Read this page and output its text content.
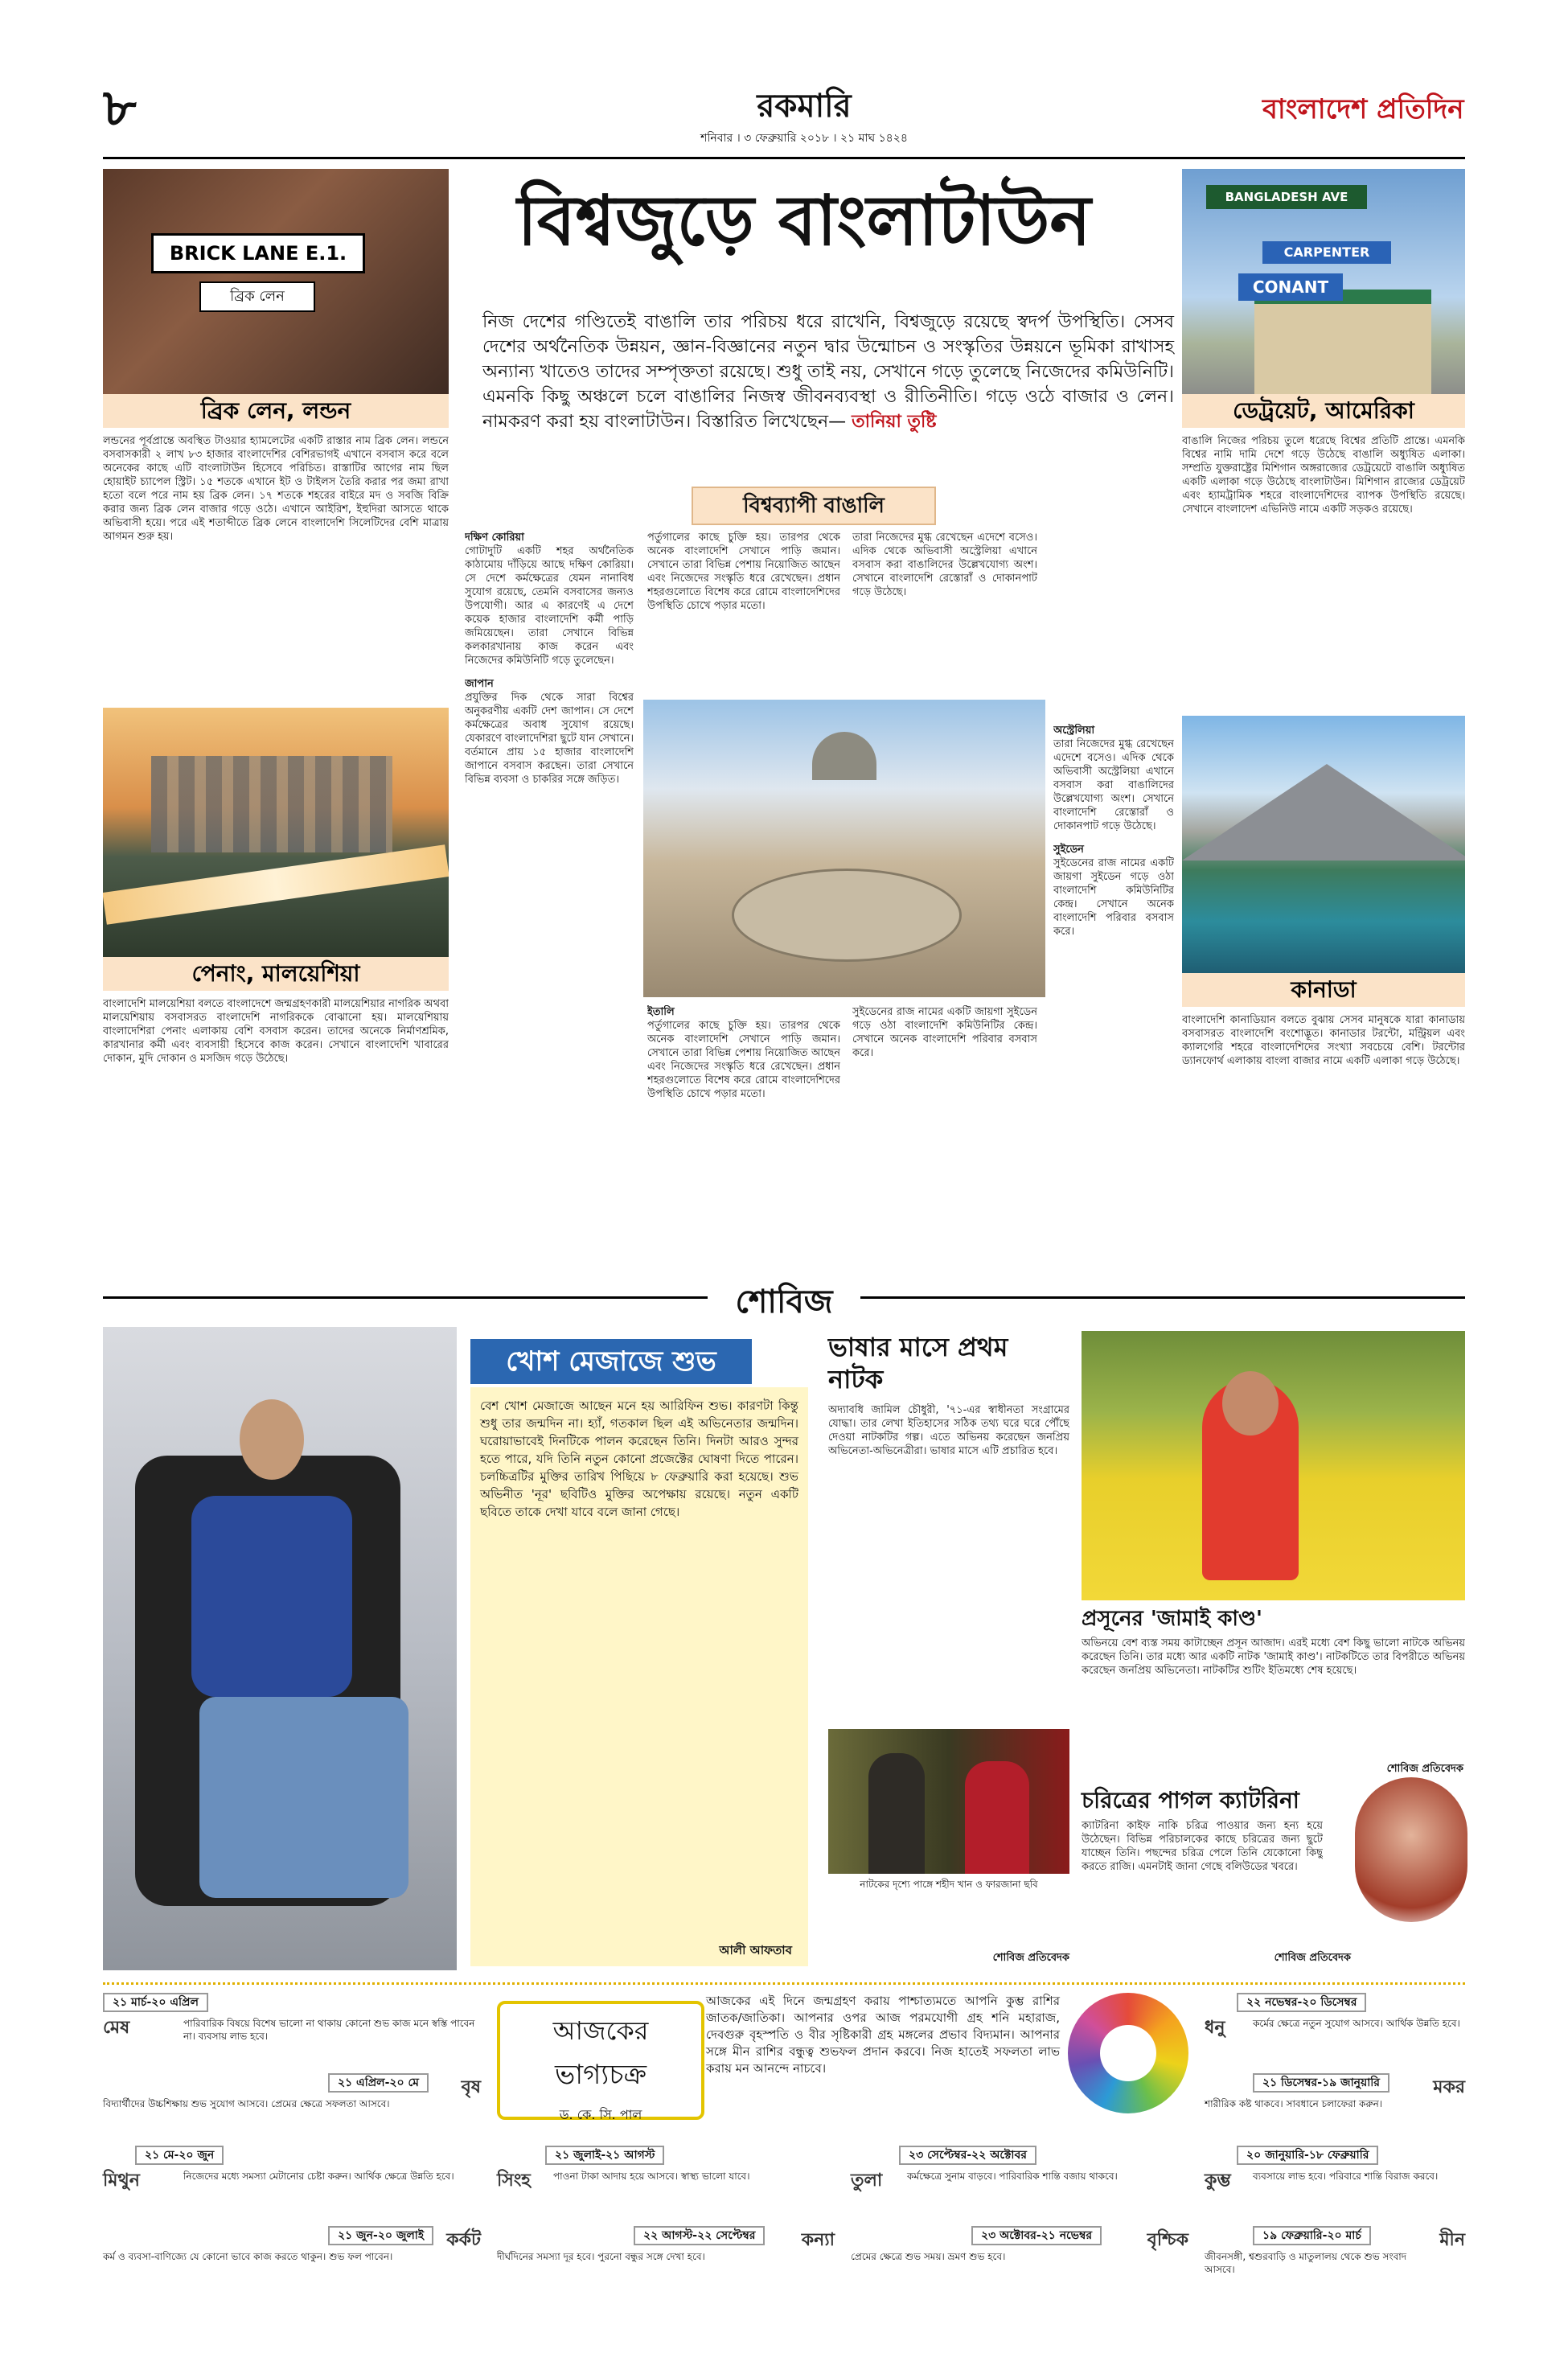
৮	রকমারি
শনিবার । ৩ ফেব্রুয়ারি ২০১৮ । ২১ মাঘ ১৪২৪
বাংলাদেশ প্রতিদিন
বিশ্বজুড়ে বাংলাটাউন
BRICK LANE E.1.
ব্রিক লেন
ব্রিক লেন, লন্ডন
BANGLADESH AVE
CARPENTER
CONANT
ডেট্রয়েট, আমেরিকা
নিজ দেশের গণ্ডিতেই বাঙালি তার পরিচয় ধরে রাখেনি, বিশ্বজুড়ে রয়েছে স্বদর্প উপস্থিতি। সেসব দেশের অর্থনৈতিক উন্নয়ন, জ্ঞান-বিজ্ঞানের নতুন দ্বার উন্মোচন ও সংস্কৃতির উন্নয়নে ভূমিকা রাখাসহ অন্যান্য খাতেও তাদের সম্পৃক্ততা রয়েছে। শুধু তাই নয়, সেখানে গড়ে তুলেছে নিজেদের কমিউনিটি। এমনকি কিছু অঞ্চলে চলে বাঙালির নিজস্ব জীবনব্যবস্থা ও রীতিনীতি। গড়ে ওঠে বাজার ও লেন। নামকরণ করা হয় বাংলাটাউন। বিস্তারিত লিখেছেন— তানিয়া তুষ্টি
বিশ্বব্যাপী বাঙালি
লন্ডনের পূর্বপ্রান্তে অবস্থিত টাওয়ার হ্যামলেটের একটি রাস্তার নাম ব্রিক লেন। লন্ডনে বসবাসকারী ২ লাখ ৮৩ হাজার বাংলাদেশির বেশিরভাগই এখানে বসবাস করে বলে অনেকের কাছে এটি বাংলাটাউন হিসেবে পরিচিত। রাস্তাটির আগের নাম ছিল হোয়াইট চ্যাপেল স্ট্রিট। ১৫ শতকে এখানে ইট ও টাইলস তৈরি করার পর জমা রাখা হতো বলে পরে নাম হয় ব্রিক লেন। ১৭ শতকে শহরের বাইরে মদ ও সবজি বিক্রি করার জন্য ব্রিক লেন বাজার গড়ে ওঠে। এখানে আইরিশ, ইহুদিরা আসতে থাকে অভিবাসী হয়ে। পরে এই শতাব্দীতে ব্রিক লেনে বাংলাদেশি সিলেটিদের বেশি মাত্রায় আগমন শুরু হয়।
পেনাং, মালয়েশিয়া
বাংলাদেশি মালয়েশিয়া বলতে বাংলাদেশে জন্মগ্রহণকারী মালয়েশিয়ার নাগরিক অথবা মালয়েশিয়ায় বসবাসরত বাংলাদেশি নাগরিককে বোঝানো হয়। মালয়েশিয়ায় বাংলাদেশিরা পেনাং এলাকায় বেশি বসবাস করেন। তাদের অনেকে নির্মাণশ্রমিক, কারখানার কর্মী এবং ব্যবসায়ী হিসেবে কাজ করেন। সেখানে বাংলাদেশি খাবারের দোকান, মুদি দোকান ও মসজিদ গড়ে উঠেছে।
দক্ষিণ কোরিয়া
গোটাদুটি একটি শহর অর্থনৈতিক কাঠামোয় দাঁড়িয়ে আছে দক্ষিণ কোরিয়া। সে দেশে কর্মক্ষেত্রের যেমন নানাবিধ সুযোগ রয়েছে, তেমনি বসবাসের জন্যও উপযোগী। আর এ কারণেই এ দেশে কয়েক হাজার বাংলাদেশি কর্মী পাড়ি জমিয়েছেন। তারা সেখানে বিভিন্ন কলকারখানায় কাজ করেন এবং নিজেদের কমিউনিটি গড়ে তুলেছেন।
জাপান
প্রযুক্তির দিক থেকে সারা বিশ্বের অনুকরণীয় একটি দেশ জাপান। সে দেশে কর্মক্ষেত্রের অবাধ সুযোগ রয়েছে। যেকারণে বাংলাদেশিরা ছুটে যান সেখানে। বর্তমানে প্রায় ১৫ হাজার বাংলাদেশি জাপানে বসবাস করছেন। তারা সেখানে বিভিন্ন ব্যবসা ও চাকরির সঙ্গে জড়িত।
পর্তুগালের কাছে চুক্তি হয়। তারপর থেকে অনেক বাংলাদেশি সেখানে পাড়ি জমান। সেখানে তারা বিভিন্ন পেশায় নিয়োজিত আছেন এবং নিজেদের সংস্কৃতি ধরে রেখেছেন। প্রধান শহরগুলোতে বিশেষ করে রোমে বাংলাদেশিদের উপস্থিতি চোখে পড়ার মতো।
ইতালি
পর্তুগালের কাছে চুক্তি হয়। তারপর থেকে অনেক বাংলাদেশি সেখানে পাড়ি জমান। সেখানে তারা বিভিন্ন পেশায় নিয়োজিত আছেন এবং নিজেদের সংস্কৃতি ধরে রেখেছেন। প্রধান শহরগুলোতে বিশেষ করে রোমে বাংলাদেশিদের উপস্থিতি চোখে পড়ার মতো।
তারা নিজেদের মুগ্ধ রেখেছেন এদেশে বসেও। এদিক থেকে অভিবাসী অস্ট্রেলিয়া এখানে বসবাস করা বাঙালিদের উল্লেখযোগ্য অংশ। সেখানে বাংলাদেশি রেস্তোরাঁ ও দোকানপাট গড়ে উঠেছে।
অস্ট্রেলিয়া
তারা নিজেদের মুগ্ধ রেখেছেন এদেশে বসেও। এদিক থেকে অভিবাসী অস্ট্রেলিয়া এখানে বসবাস করা বাঙালিদের উল্লেখযোগ্য অংশ। সেখানে বাংলাদেশি রেস্তোরাঁ ও দোকানপাট গড়ে উঠেছে।
সুইডেন
সুইডেনের রাজ নামের একটি জায়গা সুইডেন গড়ে ওঠা বাংলাদেশি কমিউনিটির কেন্দ্র। সেখানে অনেক বাংলাদেশি পরিবার বসবাস করে।
সুইডেনের রাজ নামের একটি জায়গা সুইডেন গড়ে ওঠা বাংলাদেশি কমিউনিটির কেন্দ্র। সেখানে অনেক বাংলাদেশি পরিবার বসবাস করে।
বাঙালি নিজের পরিচয় তুলে ধরেছে বিশ্বের প্রতিটি প্রান্তে। এমনকি বিশ্বের নামি দামি দেশে গড়ে উঠেছে বাঙালি অধ্যুষিত এলাকা। সম্প্রতি যুক্তরাষ্ট্রের মিশিগান অঙ্গরাজ্যের ডেট্রয়েটে বাঙালি অধ্যুষিত একটি এলাকা গড়ে উঠেছে বাংলাটাউন। মিশিগান রাজ্যের ডেট্রয়েট এবং হ্যামট্রামিক শহরে বাংলাদেশিদের ব্যাপক উপস্থিতি রয়েছে। সেখানে বাংলাদেশ এভিনিউ নামে একটি সড়কও রয়েছে।
কানাডা
বাংলাদেশি কানাডিয়ান বলতে বুঝায় সেসব মানুষকে যারা কানাডায় বসবাসরত বাংলাদেশি বংশোদ্ভূত। কানাডার টরন্টো, মন্ট্রিয়ল এবং ক্যালগেরি শহরে বাংলাদেশিদের সংখ্যা সবচেয়ে বেশি। টরন্টোর ড্যানফোর্থ এলাকায় বাংলা বাজার নামে একটি এলাকা গড়ে উঠেছে।
শোবিজ
খোশ মেজাজে শুভ
বেশ খোশ মেজাজে আছেন মনে হয় আরিফিন শুভ। কারণটা কিন্তু শুধু তার জন্মদিন না। হ্যাঁ, গতকাল ছিল এই অভিনেতার জন্মদিন। ঘরোয়াভাবেই দিনটিকে পালন করেছেন তিনি। দিনটা আরও সুন্দর হতে পারে, যদি তিনি নতুন কোনো প্রজেক্টের ঘোষণা দিতে পারেন। চলচ্চিত্রটির মুক্তির তারিখ পিছিয়ে ৮ ফেব্রুয়ারি করা হয়েছে। শুভ অভিনীত 'নূর' ছবিটিও মুক্তির অপেক্ষায় রয়েছে। নতুন একটি ছবিতে তাকে দেখা যাবে বলে জানা গেছে।
আলী আফতাব
ভাষার মাসে প্রথম নাটক
অদ্যাবধি জামিল চৌধুরী, '৭১-এর স্বাধীনতা সংগ্রামের যোদ্ধা। তার লেখা ইতিহাসের সঠিক তথ্য ঘরে ঘরে পৌঁছে দেওয়া নাটকটির গল্প। এতে অভিনয় করেছেন জনপ্রিয় অভিনেতা-অভিনেত্রীরা। ভাষার মাসে এটি প্রচারিত হবে।
নাটকের দৃশ্যে পাঙ্গে শহীদ খান ও ফারজানা ছবি
শোবিজ প্রতিবেদক
প্রসূনের 'জামাই কাণ্ড'
অভিনয়ে বেশ ব্যস্ত সময় কাটাচ্ছেন প্রসূন আজাদ। এরই মধ্যে বেশ কিছু ভালো নাটকে অভিনয় করেছেন তিনি। তার মধ্যে আর একটি নাটক 'জামাই কাণ্ড'। নাটকটিতে তার বিপরীতে অভিনয় করেছেন জনপ্রিয় অভিনেতা। নাটকটির শুটিং ইতিমধ্যে শেষ হয়েছে।
শোবিজ প্রতিবেদক
চরিত্রের পাগল ক্যাটরিনা
ক্যাটরিনা কাইফ নাকি চরিত্র পাওয়ার জন্য হন্য হয়ে উঠেছেন। বিভিন্ন পরিচালকের কাছে চরিত্রের জন্য ছুটে যাচ্ছেন তিনি। পছন্দের চরিত্র পেলে তিনি যেকোনো কিছু করতে রাজি। এমনটাই জানা গেছে বলিউডের খবরে।
শোবিজ প্রতিবেদক
আজকের
ভাগ্যচক্র
ড. কে. সি. পাল
আজকের এই দিনে জন্মগ্রহণ করায় পাশ্চাত্যমতে আপনি কুম্ভ রাশির জাতক/জাতিকা। আপনার ওপর আজ পরমযোগী গ্রহ শনি মহারাজ, দেবগুরু বৃহস্পতি ও বীর সৃষ্টিকারী গ্রহ মঙ্গলের প্রভাব বিদ্যমান। আপনার সঙ্গে মীন রাশির বন্ধুত্ব শুভফল প্রদান করবে। নিজ হাতেই সফলতা লাভ করায় মন আনন্দে নাচবে।
২১ মার্চ-২০ এপ্রিল
মেষ	পারিবারিক বিষয়ে বিশেষ ভালো না থাকায় কোনো শুভ কাজ মনে স্বস্তি পাবেন না। ব্যবসায় লাভ হবে।
২১ এপ্রিল-২০ মে বৃষ
বিদ্যার্থীদের উচ্চশিক্ষায় শুভ সুযোগ আসবে। প্রেমের ক্ষেত্রে সফলতা আসবে।
২১ মে-২০ জুন
মিথুন	নিজেদের মধ্যে সমস্যা মেটানোর চেষ্টা করুন। আর্থিক ক্ষেত্রে উন্নতি হবে।
২১ জুন-২০ জুলাই কর্কট
কর্ম ও ব্যবসা-বাণিজ্যে যে কোনো ভাবে কাজ করতে থাকুন। শুভ ফল পাবেন।
২১ জুলাই-২১ আগস্ট
সিংহ পাওনা টাকা আদায় হয়ে আসবে। স্বাস্থ্য ভালো যাবে।
২২ আগস্ট-২২ সেপ্টেম্বর	কন্যা
দীর্ঘদিনের সমস্যা দূর হবে। পুরনো বন্ধুর সঙ্গে দেখা হবে।
২৩ সেপ্টেম্বর-২২ অক্টোবর
তুলা	কর্মক্ষেত্রে সুনাম বাড়বে। পারিবারিক শান্তি বজায় থাকবে।
২৩ অক্টোবর-২১ নভেম্বর	বৃশ্চিক
প্রেমের ক্ষেত্রে শুভ সময়। ভ্রমণ শুভ হবে।
২২ নভেম্বর-২০ ডিসেম্বর
ধনু	কর্মের ক্ষেত্রে নতুন সুযোগ আসবে। আর্থিক উন্নতি হবে।
২১ ডিসেম্বর-১৯ জানুয়ারি	মকর
শারীরিক কষ্ট থাকবে। সাবধানে চলাফেরা করুন।
২০ জানুয়ারি-১৮ ফেব্রুয়ারি
কুম্ভ ব্যবসায়ে লাভ হবে। পরিবারে শান্তি বিরাজ করবে।
১৯ ফেব্রুয়ারি-২০ মার্চ	মীন
জীবনসঙ্গী, শ্বশুরবাড়ি ও মাতুলালয় থেকে শুভ সংবাদ আসবে।
